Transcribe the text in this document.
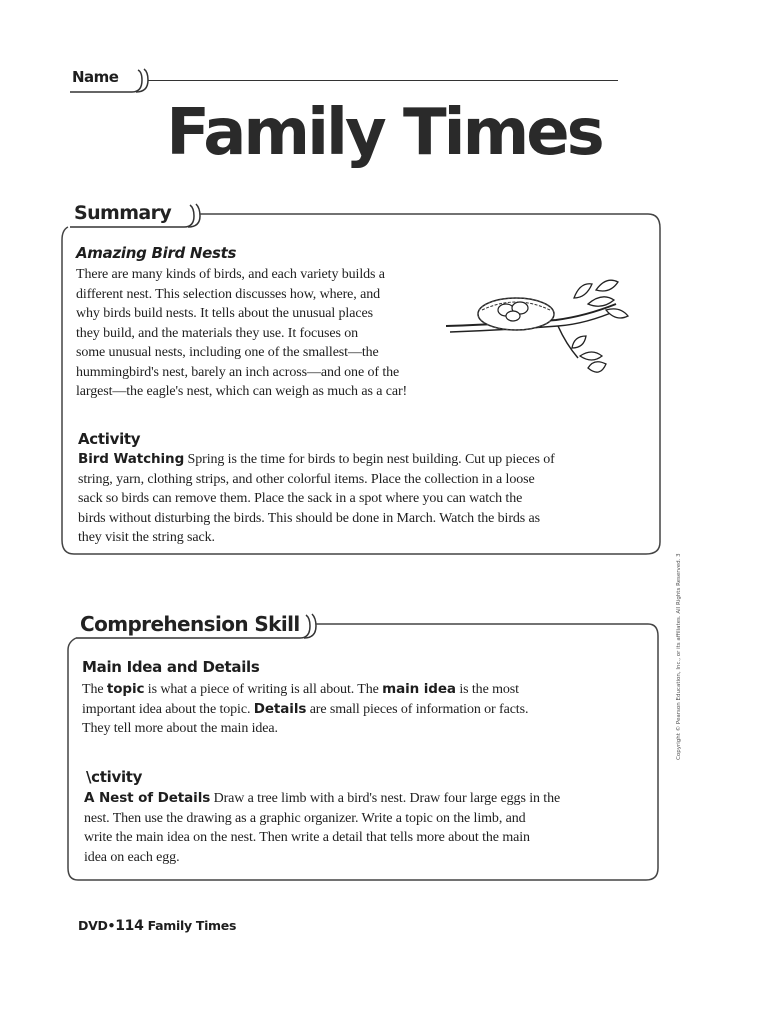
Name
Family Times
Summary
Amazing Bird Nests
There are many kinds of birds, and each variety builds a
different nest. This selection discusses how, where, and
why birds build nests. It tells about the unusual places
they build, and the materials they use. It focuses on
some unusual nests, including one of the smallest—the
hummingbird's nest, barely an inch across—and one of the
largest—the eagle's nest, which can weigh as much as a car!
Activity
Bird Watching Spring is the time for birds to begin nest building. Cut up pieces of
string, yarn, clothing strips, and other colorful items. Place the collection in a loose
sack so birds can remove them. Place the sack in a spot where you can watch the
birds without disturbing the birds. This should be done in March. Watch the birds as
they visit the string sack.
Comprehension Skill
Main Idea and Details
The topic is what a piece of writing is all about. The main idea is the most
important idea about the topic. Details are small pieces of information or facts.
They tell more about the main idea.
\ctivity
A Nest of Details Draw a tree limb with a bird's nest. Draw four large eggs in the
nest. Then use the drawing as a graphic organizer. Write a topic on the limb, and
write the main idea on the nest. Then write a detail that tells more about the main
idea on each egg.
Copyright © Pearson Education, Inc., or its affiliates. All Rights Reserved. 3
DVD•114 Family Times
